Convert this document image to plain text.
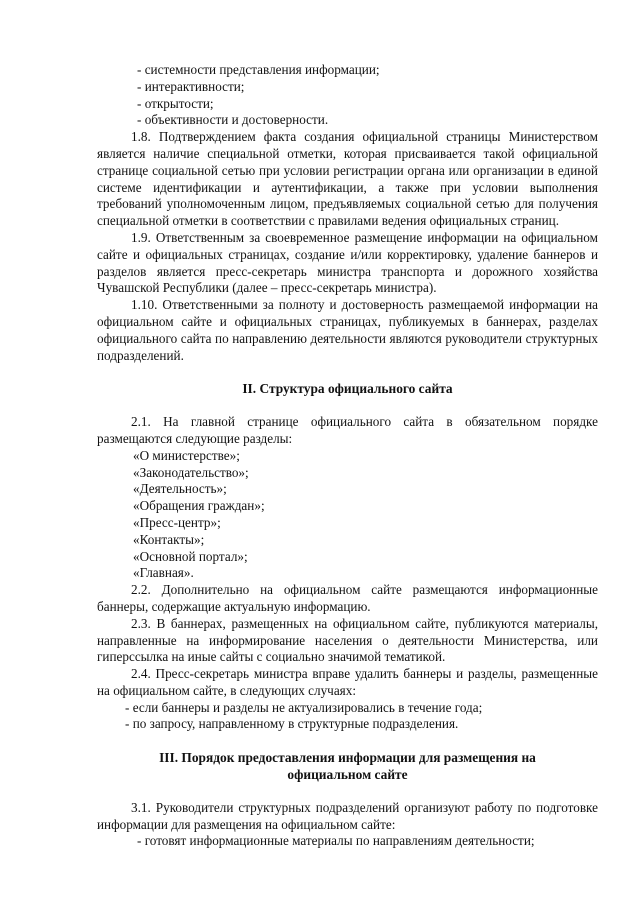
- системности представления информации;

- интерактивности;

- открытости;

- объективности и достоверности.

1.8. Подтверждением факта создания официальной страницы Министерством является наличие специальной отметки, которая присваивается такой официальной странице социальной сетью при условии регистрации органа или организации в единой системе идентификации и аутентификации, а также при условии выполнения требований уполномоченным лицом, предъявляемых социальной сетью для получения специальной отметки в соответствии с правилами ведения официальных страниц.

1.9. Ответственным за своевременное размещение информации на официальном сайте и официальных страницах, создание и/или корректировку, удаление баннеров и разделов является пресс-секретарь министра транспорта и дорожного хозяйства Чувашской Республики (далее – пресс-секретарь министра).

1.10. Ответственными за полноту и достоверность размещаемой информации на официальном сайте и официальных страницах, публикуемых в баннерах, разделах официального сайта по направлению деятельности являются руководители структурных подразделений.

II. Структура официального сайта

2.1. На главной странице официального сайта в обязательном порядке размещаются следующие разделы:

«О министерстве»;
«Законодательство»;
«Деятельность»;
«Обращения граждан»;
«Пресс-центр»;
«Контакты»;
«Основной портал»;
«Главная».

2.2. Дополнительно на официальном сайте размещаются информационные баннеры, содержащие актуальную информацию.

2.3. В баннерах, размещенных на официальном сайте, публикуются материалы, направленные на информирование населения о деятельности Министерства, или гиперссылка на иные сайты с социально значимой тематикой.

2.4. Пресс-секретарь министра вправе удалить баннеры и разделы, размещенные на официальном сайте, в следующих случаях:

- если баннеры и разделы не актуализировались в течение года;

- по запросу, направленному в структурные подразделения.

III. Порядок предоставления информации для размещения на
официальном сайте

3.1. Руководители структурных подразделений организуют работу по подготовке информации для размещения на официальном сайте:

- готовят информационные материалы по направлениям деятельности;
